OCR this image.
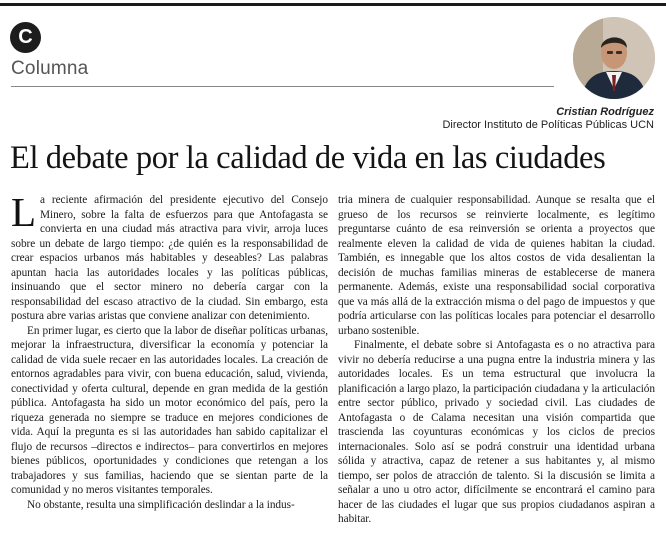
C
Columna
Cristian Rodríguez
Director Instituto de Políticas Públicas UCN
El debate por la calidad de vida en las ciudades

La reciente afirmación del presidente ejecutivo del Consejo Minero, sobre la falta de esfuerzos para que Antofagasta se convierta en una ciudad más atractiva para vivir, arroja luces sobre un debate de largo tiempo: ¿de quién es la responsabilidad de crear espacios urbanos más habitables y deseables? Las palabras apuntan hacia las autoridades locales y las políticas públicas, insinuando que el sector minero no debería cargar con la responsabilidad del escaso atractivo de la ciudad. Sin embargo, esta postura abre varias aristas que conviene analizar con detenimiento.

En primer lugar, es cierto que la labor de diseñar políticas urbanas, mejorar la infraestructura, diversificar la economía y potenciar la calidad de vida suele recaer en las autoridades locales. La creación de entornos agradables para vivir, con buena educación, salud, vivienda, conectividad y oferta cultural, depende en gran medida de la gestión pública. Antofagasta ha sido un motor económico del país, pero la riqueza generada no siempre se traduce en mejores condiciones de vida. Aquí la pregunta es si las autoridades han sabido capitalizar el flujo de recursos –directos e indirectos– para convertirlos en mejores bienes públicos, oportunidades y condiciones que retengan a los trabajadores y sus familias, haciendo que se sientan parte de la comunidad y no meros visitantes temporales.

No obstante, resulta una simplificación deslindar a la indus-

tria minera de cualquier responsabilidad. Aunque se resalta que el grueso de los recursos se reinvierte localmente, es legítimo preguntarse cuánto de esa reinversión se orienta a proyectos que realmente eleven la calidad de vida de quienes habitan la ciudad. También, es innegable que los altos costos de vida desalientan la decisión de muchas familias mineras de establecerse de manera permanente. Además, existe una responsabilidad social corporativa que va más allá de la extracción misma o del pago de impuestos y que podría articularse con las políticas locales para potenciar el desarrollo urbano sostenible.

Finalmente, el debate sobre si Antofagasta es o no atractiva para vivir no debería reducirse a una pugna entre la industria minera y las autoridades locales. Es un tema estructural que involucra la planificación a largo plazo, la participación ciudadana y la articulación entre sector público, privado y sociedad civil. Las ciudades de Antofagasta o de Calama necesitan una visión compartida que trascienda las coyunturas económicas y los ciclos de precios internacionales. Solo así se podrá construir una identidad urbana sólida y atractiva, capaz de retener a sus habitantes y, al mismo tiempo, ser polos de atracción de talento. Si la discusión se limita a señalar a uno u otro actor, difícilmente se encontrará el camino para hacer de las ciudades el lugar que sus propios ciudadanos aspiran a habitar.
